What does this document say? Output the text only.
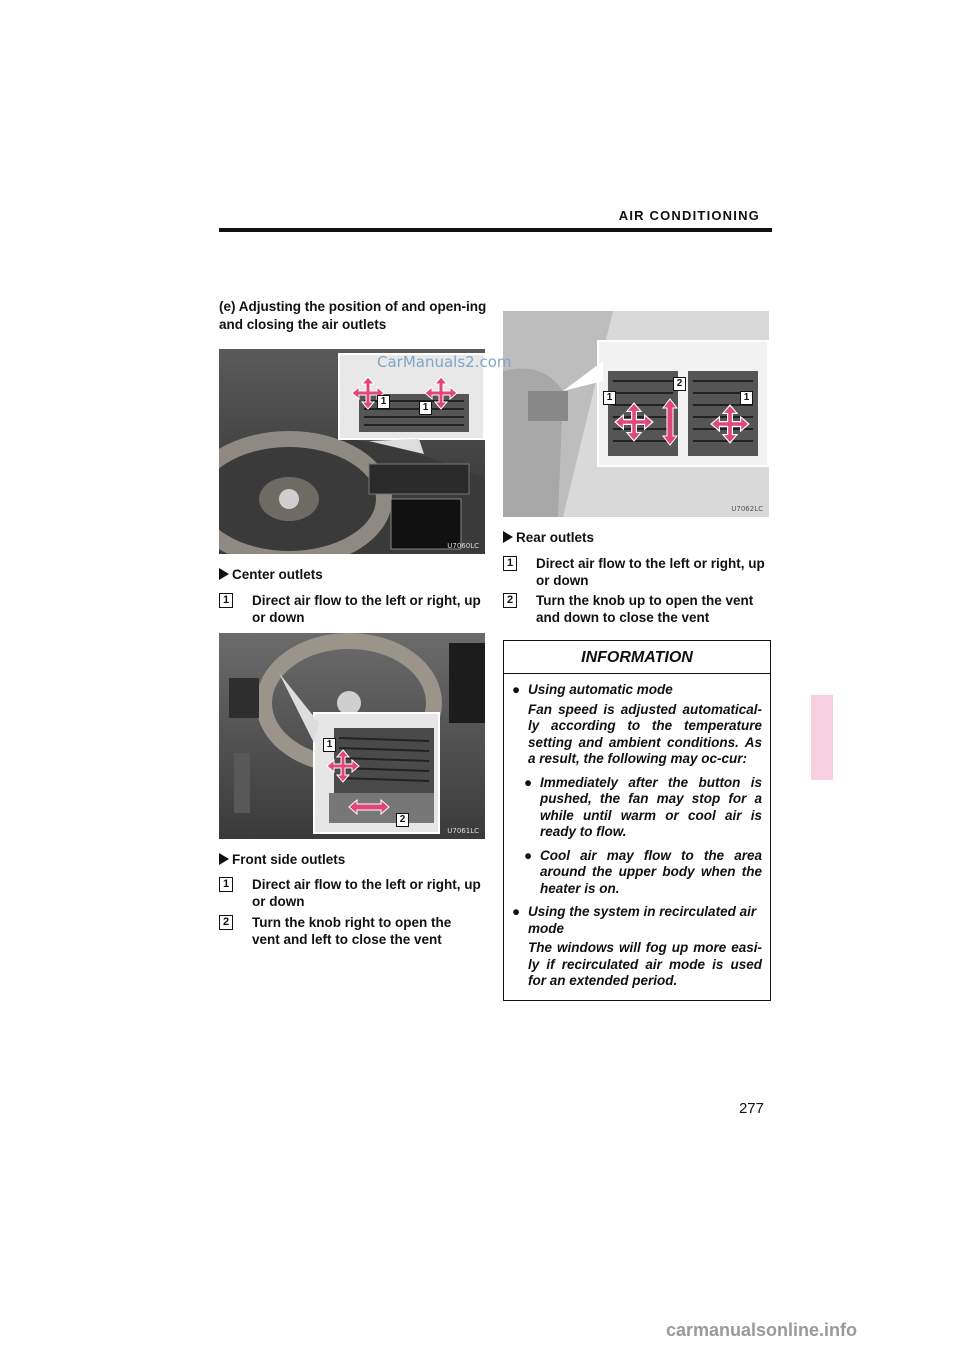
AIR CONDITIONING
(e) Adjusting the position of and open-ing and closing the air outlets
1
1
U7060LC
Center outlets
1 Direct air flow to the left or right, up
or down
1
2
U7061LC
Front side outlets
1 Direct air flow to the left or right, up
or down
2 Turn the knob right to open the
vent and left to close the vent
1
2
1
U7062LC
Rear outlets
1 Direct air flow to the left or right, up
or down
2 Turn the knob up to open the vent
and down to close the vent
INFORMATION
● Using automatic mode
Fan speed is adjusted automatical-ly according to the temperature setting and ambient conditions. As a result, the following may oc-cur:
● Immediately after the button is pushed, the fan may stop for a while until warm or cool air is ready to flow.
● Cool air may flow to the area around the upper body when the heater is on.
● Using the system in recirculated air mode
The windows will fog up more easi-ly if recirculated air mode is used for an extended period.
277
CarManuals2.com
carmanualsonline.info
